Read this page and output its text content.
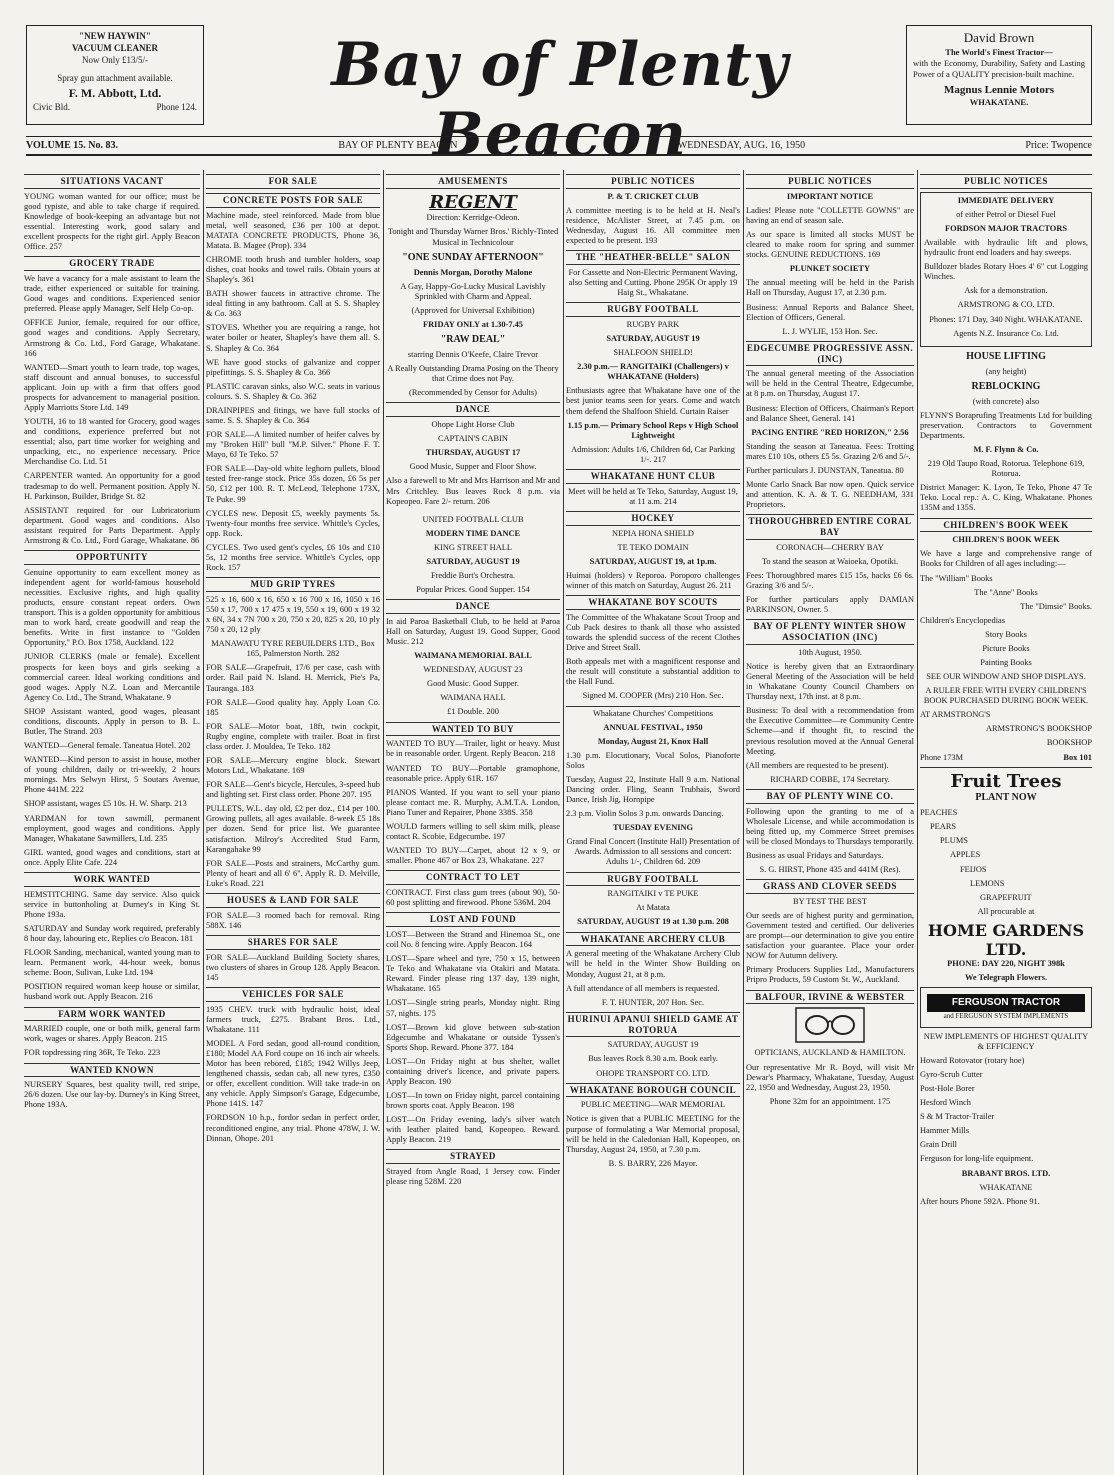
"NEW HAYWIN"
VACUUM CLEANER
Now Only £13/5/-
Spray gun attachment available.
F. M. Abbott, Ltd.
Civic Bld.	Phone 124.
Bay of Plenty Beacon
David Brown
The World's Finest Tractor—
with the Economy, Durability, Safety and Lasting Power of a QUALITY precision-built machine.
Magnus Lennie Motors
WHAKATANE.
VOLUME 15. No. 83.	BAY OF PLENTY BEACON	WEDNESDAY, AUG. 16, 1950	Price: Twopence
SITUATIONS VACANT

YOUNG woman wanted for our office; must be good typiste, and able to take charge if required. Knowledge of book-keeping an advantage but not essential. Interesting work, good salary and excellent prospects for the right girl. Apply Beacon Office. 257

GROCERY TRADE

We have a vacancy for a male assistant to learn the trade, either experienced or suitable for training. Good wages and conditions. Experienced senior preferred. Please apply Manager, Self Help Co-op.

OFFICE Junior, female, required for our office, good wages and conditions. Apply Secretary, Armstrong & Co. Ltd., Ford Garage, Whakatane. 166

WANTED—Smart youth to learn trade, top wages, staff discount and annual bonuses, to successful applicant. Join up with a firm that offers good prospects for advancement to managerial position. Apply Marriotts Store Ltd. 149

YOUTH, 16 to 18 wanted for Grocery, good wages and conditions, experience preferred but not essential; also, part time worker for weighing and unpacking, etc., no experience necessary. Price Merchandise Co. Ltd. 51

CARPENTER wanted. An opportunity for a good tradesmap to do well. Permanent position. Apply N. H. Parkinson, Builder, Bridge St. 82

ASSISTANT required for our Lubricatorium department. Good wages and conditions. Also assistant required for Parts Department. Apply Armstrong & Co. Ltd., Ford Garage, Whakatane. 86

OPPORTUNITY

Genuine opportunity to earn excellent money as independent agent for world-famous household necessities. Exclusive rights, and high quality products, ensure constant repeat orders. Own transport. This is a golden opportunity for ambitious man to work hard, create goodwill and reap the benefits. Write in first instance to "Golden Opportunity," P.O. Box 1758, Auckland. 122

JUNIOR CLERKS (male or female). Excellent prospects for keen boys and girls seeking a commercial career. Ideal working conditions and good wages. Apply N.Z. Loan and Mercantile Agency Co. Ltd., The Strand, Whakatane. 9

SHOP Assistant wanted, good wages, pleasant conditions, discounts. Apply in person to B. L. Butler, The Strand. 203

WANTED—General female. Taneatua Hotel. 202

WANTED—Kind person to assist in house, mother of young children, daily or tri-weekly, 2 hours mornings. Mrs Selwyn Hirst, 5 Soutars Avenue, Phone 441M. 222

SHOP assistant, wages £5 10s. H. W. Sharp. 213

YARDMAN for town sawmill, permanent employment, good wages and conditions. Apply Manager, Whakatane Sawmillers, Ltd. 235

GIRL wanted, good wages and conditions, start at once. Apply Elite Cafe. 224

WORK WANTED

HEMSTITCHING. Same day service. Also quick service in buttonholing at Durney's in King St. Phone 193a.

SATURDAY and Sunday work required, preferably 8 hour day, labouring etc. Replies c/o Beacon. 181

FLOOR Sanding, mechanical, wanted young man to learn. Permanent work, 44-hour week, bonus scheme. Boon, Sulivan, Luke Ltd. 194

POSITION required woman keep house or similar, husband work out. Apply Beacon. 216

FARM WORK WANTED

MARRIED couple, one or both milk, general farm work, wages or shares. Apply Beacon. 215

FOR topdressing ring 36R, Te Teko. 223

WANTED KNOWN

NURSERY Squares, best quality twill, red stripe, 26/6 dozen. Use our lay-by. Durney's in King Street, Phone 193A.

FOR SALE
CONCRETE POSTS FOR SALE

Machine made, steel reinforced. Made from blue metal, well seasoned, £36 per 100 at depot. MATATA CONCRETE PRODUCTS, Phone 36, Matata. B. Magee (Prop). 334

CHROME tooth brush and tumbler holders, soap dishes, coat hooks and towel rails. Obtain yours at Shapley's. 361

BATH shower faucets in attractive chrome. The ideal fitting in any bathroom. Call at S. S. Shapley & Co. 363

STOVES. Whether you are requiring a range, hot water boiler or heater, Shapley's have them all. S. S. Shapley & Co. 364

WE have good stocks of galvanize and copper pipefittings. S. S. Shapley & Co. 366

PLASTIC caravan sinks, also W.C. seats in various colours. S. S. Shapley & Co. 362

DRAINPIPES and fitings, we have full stocks of same. S. S. Shapley & Co. 364

FOR SALE—A limited number of heifer calves by my "Broken Hill" bull "M.P. Silver." Phone F. T. Mayo, 6J Te Teko. 57

FOR SALE—Day-old white leghorn pullets, blood tested free-range stock. Price 35s dozen, £6 5s per 50, £12 per 100. R. T. McLeod, Telephone 173X, Te Puke. 99

CYCLES new. Deposit £5, weekly payments 5s. Twenty-four months free service. Whittle's Cycles, opp. Rock.

CYCLES. Two used gent's cycles, £6 10s and £10 5s, 12 months free service. Whittle's Cycles, opp Rock. 157

MUD GRIP TYRES

525 x 16, 600 x 16, 650 x 16 700 x 16, 1050 x 16 550 x 17, 700 x 17 475 x 19, 550 x 19, 600 x 19 32 x 6N, 34 x 7N 700 x 20, 750 x 20, 825 x 20, 10 ply 750 x 20, 12 ply

MANAWATU TYRE REBUILDERS LTD., Box 165, Palmerston North. 282

FOR SALE—Grapefruit, 17/6 per case, cash with order. Rail paid N. Island. H. Merrick, Pie's Pa, Tauranga. 183

FOR SALE—Good quality hay. Apply Loan Co. 185

FOR SALE—Motor boat, 18ft, twin cockpit, Rugby engine, complete with trailer. Boat in first class order. J. Mouldea, Te Teko. 182

FOR SALE—Mercury engine block. Stewart Motors Ltd., Whakatane. 169

FOR SALE—Gent's bicycle, Hercules, 3-speed hub and lighting set. First class order. Phone 207. 195

PULLETS, W.L. day old, £2 per doz., £14 per 100. Growing pullets, all ages available. 8-week £5 18s per dozen. Send for price list. We guarantee satisfaction. Milroy's Accredited Stud Farm, Karangahake 99

FOR SALE—Posts and strainers, McCarthy gum. Plenty of heart and all 6' 6". Apply R. D. Melville, Luke's Road. 221

HOUSES & LAND FOR SALE

FOR SALE—3 roomed bach for removal. Ring 588X. 146

SHARES FOR SALE

FOR SALE—Auckland Building Society shares, two clusters of shares in Group 128. Apply Beacon. 145

VEHICLES FOR SALE

1935 CHEV. truck with hydraulic hoist, ideal farmers truck, £275. Brabant Bros. Ltd., Whakatane. 111

MODEL A Ford sedan, good all-round condition, £180; Model AA Ford coupe on 16 inch air wheels. Motor has been rebored, £185; 1942 Willys Jeep, lengthened chassis, sedan cab, all new tyres, £350 or offer, excellent condition. Will take trade-in on any vehicle. Apply Simpson's Garage, Edgecumbe, Phone 141S. 147

FORDSON 10 h.p., fordor sedan in perfect order, reconditioned engine, any trial. Phone 478W, J. W. Dinnan, Ohope. 201

AMUSEMENTS
REGENT

Direction: Kerridge-Odeon.

Tonight and Thursday Warner Bros.' Richly-Tinted Musical in Technicolour

"ONE SUNDAY AFTERNOON"

Dennis Morgan, Dorothy Malone

A Gay, Happy-Go-Lucky Musical Lavishly Sprinkled with Charm and Appeal.

(Approved for Universal Exhibition)

FRIDAY ONLY at 1.30-7.45

"RAW DEAL"

starring Dennis O'Keefe, Claire Trevor

A Really Outstanding Drama Posing on the Theory that Crime does not Pay.

(Recommended by Censor for Adults)

DANCE

Ohope Light Horse Club

CAPTAIN'S CABIN

THURSDAY, AUGUST 17

Good Music, Supper and Floor Show.

Also a farewell to Mr and Mrs Harrison and Mr and Mrs Critchley. Bus leaves Rock 8 p.m. via Kopeopeo. Fare 2/- return. 206

UNITED FOOTBALL CLUB

MODERN TIME DANCE

KING STREET HALL

SATURDAY, AUGUST 19

Freddie Burt's Orchestra.

Popular Prices. Good Supper. 154

DANCE

In aid Paroa Basketball Club, to be held at Paroa Hall on Saturday, August 19. Good Supper, Good Music. 212

WAIMANA MEMORIAL BALL

WEDNESDAY, AUGUST 23

Good Music. Good Supper.

WAIMANA HALL

£1 Double. 200

WANTED TO BUY

WANTED TO BUY—Trailer, light or heavy. Must be in reasonable order. Urgent. Reply Beacon. 218

WANTED TO BUY—Portable gramophone, reasonable price. Apply 61R. 167

PIANOS Wanted. If you want to sell your piano please contact me. R. Murphy, A.M.T.A. London, Piano Tuner and Repairer, Phone 338S. 358

WOULD farmers willing to sell skim milk, please contact R. Scobie, Edgecumbe. 197

WANTED TO BUY—Carpet, about 12 x 9, or smaller. Phone 467 or Box 23, Whakatane. 227

CONTRACT TO LET

CONTRACT. First class gum trees (about 90), 50-60 post splitting and firewood. Phone 536M. 204

LOST AND FOUND

LOST—Between the Strand and Hinemoa St., one coil No. 8 fencing wire. Apply Beacon. 164

LOST—Spare wheel and tyre, 750 x 15, between Te Teko and Whakatane via Otakiri and Matata. Reward. Finder please ring 137 day, 139 night, Whakatane. 165

LOST—Single string pearls, Monday night. Ring 57, nights. 175

LOST—Brown kid glove between sub-station Edgecumbe and Whakatane or outside Tyssen's Sports Shop. Reward. Phone 377. 184

LOST—On Friday night at bus shelter, wallet containing driver's licence, and private papers. Apply Beacon. 190

LOST—In town on Friday night, parcel containing brown sports coat. Apply Beacon. 198

LOST—On Friday evening, lady's silver watch with leather plaited band, Kopeopeo. Reward. Apply Beacon. 219

STRAYED

Strayed from Angle Road, 1 Jersey cow. Finder please ring 528M. 220

PUBLIC NOTICES

P. & T. CRICKET CLUB

A committee meeting is to be held at H. Neal's residence, McAlister Street, at 7.45 p.m. on Wednesday, August 16. All committee men expected to be present. 193

THE "HEATHER-BELLE" SALON

For Cassette and Non-Electric Permanent Waving, also Setting and Cutting. Phone 295K Or apply 19 Haig St., Whakatane.

RUGBY FOOTBALL

RUGBY PARK

SATURDAY, AUGUST 19

SHALFOON SHIELD!

2.30 p.m.— RANGITAIKI (Challengers) v WHAKATANE (Holders)

Enthusiasts agree that Whakatane have one of the best junior teams seen for years. Come and watch them defend the Shalfoon Shield. Curtain Raiser

1.15 p.m.— Primary School Reps v High School Lightweight

Admission: Adults 1/6, Children 6d, Car Parking 1/-. 217

WHAKATANE HUNT CLUB

Meet will be held at Te Teko, Saturday, August 19, at 11 a.m. 214

HOCKEY

NEPIA HONA SHIELD

TE TEKO DOMAIN

SATURDAY, AUGUST 19, at 1p.m.

Huimai (holders) v Reporoa. Poroporo challenges winner of this match on Saturday, August 26. 211

WHAKATANE BOY SCOUTS

The Committee of the Whakatane Scout Troop and Cub Pack desires to thank all those who assisted towards the splendid success of the recent Clothes Drive and Street Stall.

Both appeals met with a magnificent response and the result will constitute a substantial addition to the Hall Fund.

Signed M. COOPER (Mrs) 210 Hon. Sec.

Whakatane Churches' Competitions

ANNUAL FESTIVAL, 1950

Monday, August 21, Knox Hall

1.30 p.m. Elocutionary, Vocal Solos, Pianoforte Solos

Tuesday, August 22, Institute Hall 9 a.m. National Dancing order. Fling, Seann Trubhais, Sword Dance, Irish Jig, Hornpipe

2.3 p.m. Violin Solos 3 p.m. onwards Dancing.

TUESDAY EVENING

Grand Final Concert (Institute Hall) Presentation of Awards. Admission to all sessions and concert: Adults 1/-, Children 6d. 209

RUGBY FOOTBALL

RANGITAIKI v TE PUKE

At Matata

SATURDAY, AUGUST 19 at 1.30 p.m. 208

WHAKATANE ARCHERY CLUB

A general meeting of the Whakatane Archery Club will be held in the Winter Show Building on Monday, August 21, at 8 p.m.

A full attendance of all members is requested.

F. T. HUNTER, 207 Hon. Sec.

HURINUI APANUI SHIELD GAME AT ROTORUA

SATURDAY, AUGUST 19

Bus leaves Rock 8.30 a.m. Book early.

OHOPE TRANSPORT CO. LTD.

WHAKATANE BOROUGH COUNCIL

PUBLIC MEETING—WAR MEMORIAL

Notice is given that a PUBLIC MEETING for the purpose of formulating a War Memorial proposal, will be held in the Caledonian Hall, Kopeopeo, on Thursday, August 24, 1950, at 7.30 p.m.

B. S. BARRY, 226 Mayor.

PUBLIC NOTICES

IMPORTANT NOTICE

Ladies! Please note "COLLETTE GOWNS" are having an end of season sale.

As our space is limited all stocks MUST be cleared to make room for spring and summer stocks. GENUINE REDUCTIONS. 169

PLUNKET SOCIETY

The annual meeting will be held in the Parish Hall on Thursday, August 17, at 2.30 p.m.

Business: Annual Reports and Balance Sheet, Election of Officers, General.

L. J. WYLIE, 153 Hon. Sec.

EDGECUMBE PROGRESSIVE ASSN. (INC)

The annual general meeting of the Association will be held in the Central Theatre, Edgecumbe, at 8 p.m. on Thursday, August 17.

Business: Election of Officers, Chairman's Report and Balance Sheet, General. 141

PACING ENTIRE "RED HORIZON," 2.56

Standing the season at Taneatua. Fees: Trotting mares £10 10s, others £5 5s. Grazing 2/6 and 5/-.

Further particulars J. DUNSTAN, Taneatua. 80

Monte Carlo Snack Bar now open. Quick service and attention. K. A. & T. G. NEEDHAM, 331 Proprietors.

THOROUGHBRED ENTIRE CORAL BAY

CORONACH—CHERRY BAY

To stand the season at Waioeka, Opotiki.

Fees: Thoroughbred mares £15 15s, hacks £6 6s. Grazing 3/6 and 5/-.

For further particulars apply DAMIAN PARKINSON, Owner. 5

BAY OF PLENTY WINTER SHOW ASSOCIATION (INC)

10th August, 1950.

Notice is hereby given that an Extraordinary General Meeting of the Association will be held in Whakatane County Council Chambers on Thursday next, 17th inst. at 8 p.m.

Business: To deal with a recommendation from the Executive Committee—re Community Centre Scheme—and if thought fit, to rescind the previous resolution moved at the Annual General Meeting.

(All members are requested to be present).

RICHARD COBBE, 174 Secretary.

BAY OF PLENTY WINE CO.

Following upon the granting to me of a Wholesale License, and while accommodation is being fitted up, my Commerce Street premises will be closed Mondays to Thursdays temporarily.

Business as usual Fridays and Saturdays.

S. G. HIRST, Phone 435 and 441M (Res).

GRASS AND CLOVER SEEDS

BY TEST THE BEST

Our seeds are of highest purity and germination, Government tested and certified. Our deliveries are prompt—our determination to give you entire satisfaction your guarantee. Place your order NOW for Autumn delivery.

Primary Producers Supplies Ltd., Manufacturers Pripro Products, 59 Custom St. W., Auckland.

BALFOUR, IRVINE & WEBSTER

OPTICIANS, AUCKLAND & HAMILTON.

Our representative Mr R. Boyd, will visit Mr Dewar's Pharmacy, Whakatane, Tuesday, August 22, 1950 and Wednesday, August 23, 1950.

Phone 32m for an appointment. 175

PUBLIC NOTICES

IMMEDIATE DELIVERY

of either Petrol or Diesel Fuel

FORDSON MAJOR TRACTORS

Available with hydraulic lift and plows, hydraulic front end loaders and hay sweeps.

Bulldozer blades Rotary Hoes 4' 6" cut Logging Winches.

Ask for a demonstration.

ARMSTRONG & CO. LTD.

Phones: 171 Day, 340 Night. WHAKATANE.

Agents N.Z. Insurance Co. Ltd.

HOUSE LIFTING

(any height)

REBLOCKING

(with concrete) also

FLYNN'S Boraprufing Treatments Ltd for building preservation. Contractors to Government Departments.

M. F. Flynn & Co.

219 Old Taupo Road, Rotorua. Telephone 619, Rotorua.

District Manager: K. Lyon, Te Teko, Phone 47 Te Teko. Local rep.: A. C. King, Whakatane. Phones 135M and 135S.

CHILDREN'S BOOK WEEK

CHILDREN'S BOOK WEEK

We have a large and comprehensive range of Books for Children of all ages including:—

The "William" Books

The "Anne" Books

The "Dimsie" Books.

Children's Encyclopedias

Story Books

Picture Books

Painting Books

SEE OUR WINDOW AND SHOP DISPLAYS.

A RULER FREE WITH EVERY CHILDREN'S BOOK PURCHASED DURING BOOK WEEK.

AT ARMSTRONG'S

ARMSTRONG'S BOOKSHOP

BOOKSHOP

Phone 173M	Box 101
Fruit Trees

PLANT NOW

PEACHES

PEARS

PLUMS

APPLES

FEIJOS

LEMONS

GRAPEFRUIT

All procurable at

HOME GARDENS LTD.

PHONE: DAY 220, NIGHT 398k

We Telegraph Flowers.

FERGUSON TRACTOR
and FERGUSON SYSTEM IMPLEMENTS

NEW IMPLEMENTS OF HIGHEST QUALITY & EFFICIENCY

Howard Rotovator (rotary hoe)

Gyro-Scrub Cutter

Post-Hole Borer

Hesford Winch

S & M Tractor-Trailer

Hammer Mills

Grain Drill

Ferguson for long-life equipment.

BRABANT BROS. LTD.

WHAKATANE

After hours Phone 592A. Phone 91.
